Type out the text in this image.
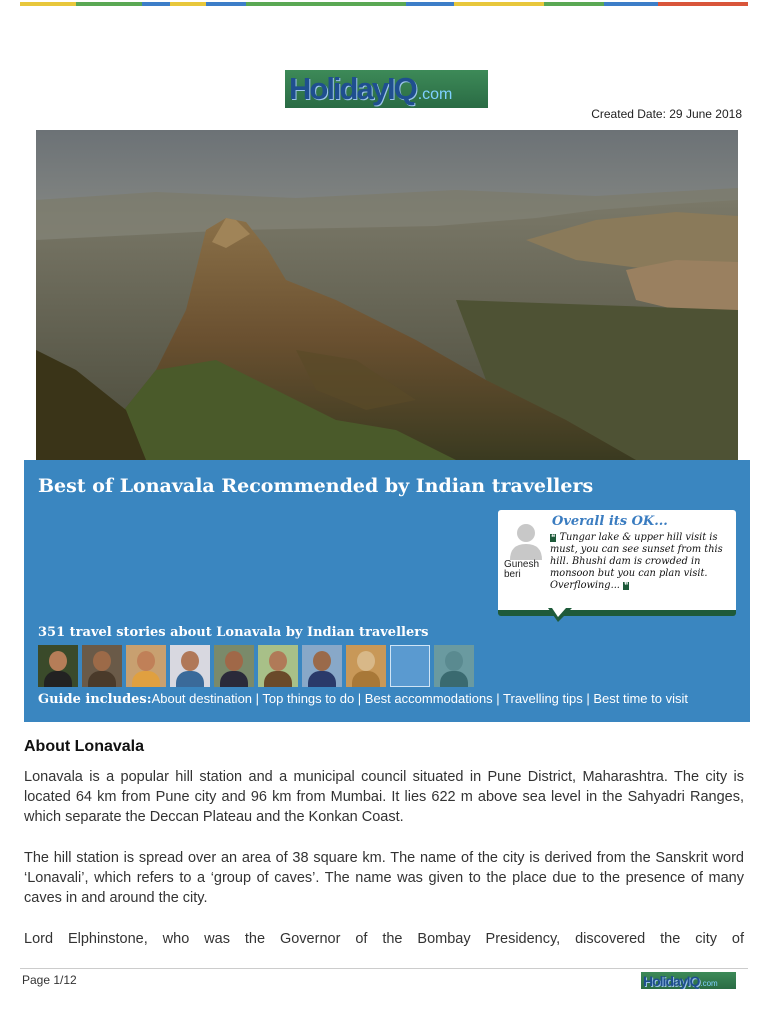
HolidayIQ .com
Created Date: 29 June 2018
Best of Lonavala Recommended by Indian travellers
Gunesh beri
Overall its OK...
❝ Tungar lake & upper hill visit is must, you can see sunset from this hill. Bhushi dam is crowded in monsoon but you can plan visit. Overflowing... ❞
351 travel stories about Lonavala by Indian travellers
Guide includes:About destination | Top things to do | Best accommodations | Travelling tips | Best time to visit
About Lonavala
Lonavala is a popular hill station and a municipal council situated in Pune District, Maharashtra. The city is located 64 km from Pune city and 96 km from Mumbai. It lies 622 m above sea level in the Sahyadri Ranges, which separate the Deccan Plateau and the Konkan Coast.
The hill station is spread over an area of 38 square km. The name of the city is derived from the Sanskrit word ‘Lonavali’, which refers to a ‘group of caves’. The name was given to the place due to the presence of many caves in and around the city.
Lord Elphinstone, who was the Governor of the Bombay Presidency, discovered the city of
Page 1/12	HolidayIQ .com
